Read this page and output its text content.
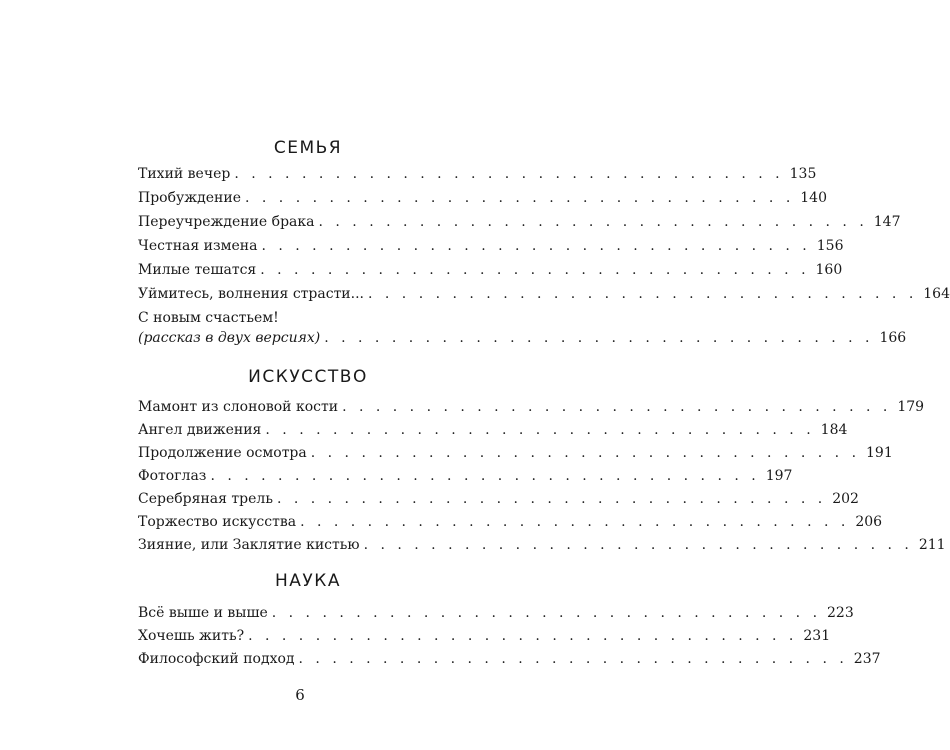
СЕМЬЯ
Тихий вечер . . . . . . . . . . . . . . . . . . . . . . . . . . . . . . . . . 135
Пробуждение . . . . . . . . . . . . . . . . . . . . . . . . . . . . . . . . . 140
Переучреждение брака . . . . . . . . . . . . . . . . . . . . . . . . . . . . . . . . . 147
Честная измена . . . . . . . . . . . . . . . . . . . . . . . . . . . . . . . . . 156
Милые тешатся . . . . . . . . . . . . . . . . . . . . . . . . . . . . . . . . . 160
Уймитесь, волнения страсти... . . . . . . . . . . . . . . . . . . . . . . . . . . . . . . . . . 164
С новым счастьем!
(рассказ в двух версиях) . . . . . . . . . . . . . . . . . . . . . . . . . . . . . . . . . 166
ИСКУССТВО
Мамонт из слоновой кости . . . . . . . . . . . . . . . . . . . . . . . . . . . . . . . . . 179
Ангел движения . . . . . . . . . . . . . . . . . . . . . . . . . . . . . . . . . 184
Продолжение осмотра . . . . . . . . . . . . . . . . . . . . . . . . . . . . . . . . . 191
Фотоглаз . . . . . . . . . . . . . . . . . . . . . . . . . . . . . . . . . 197
Серебряная трель . . . . . . . . . . . . . . . . . . . . . . . . . . . . . . . . . 202
Торжество искусства . . . . . . . . . . . . . . . . . . . . . . . . . . . . . . . . . 206
Зияние, или Заклятие кистью . . . . . . . . . . . . . . . . . . . . . . . . . . . . . . . . . 211
НАУКА
Всё выше и выше . . . . . . . . . . . . . . . . . . . . . . . . . . . . . . . . . 223
Хочешь жить? . . . . . . . . . . . . . . . . . . . . . . . . . . . . . . . . . 231
Философский подход . . . . . . . . . . . . . . . . . . . . . . . . . . . . . . . . . 237
6
